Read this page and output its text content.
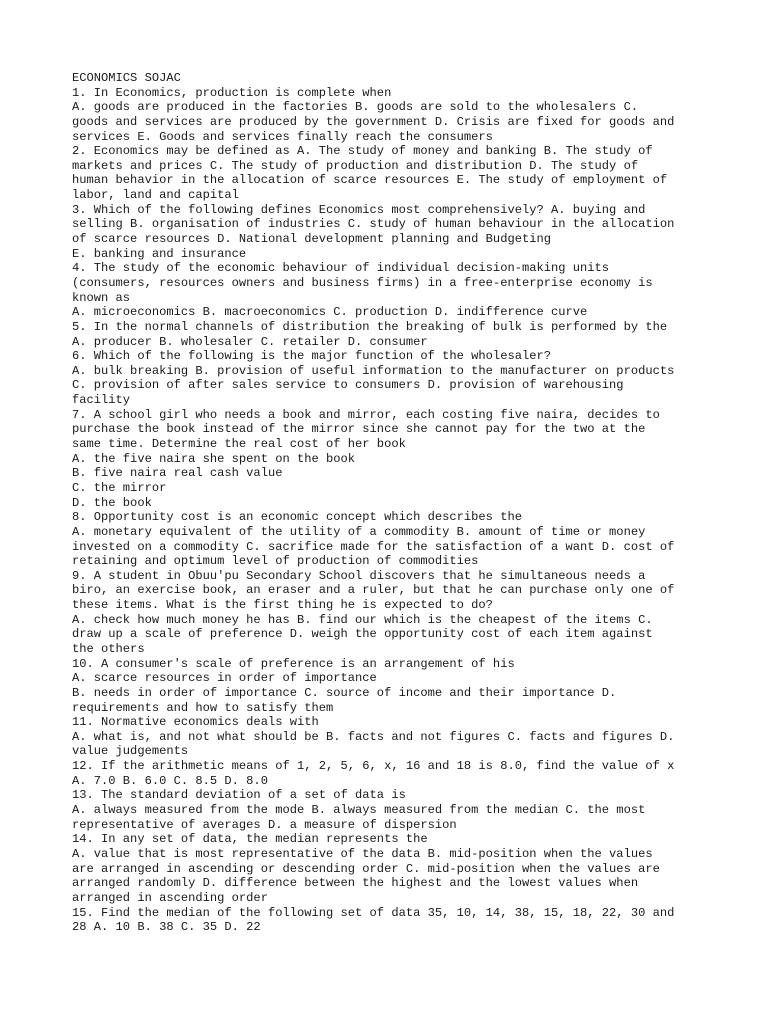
ECONOMICS SOJAC
1. In Economics, production is complete when
A. goods are produced in the factories B. goods are sold to the wholesalers C.
goods and services are produced by the government D. Crisis are fixed for goods and
services E. Goods and services finally reach the consumers
2. Economics may be defined as A. The study of money and banking B. The study of
markets and prices C. The study of production and distribution D. The study of
human behavior in the allocation of scarce resources E. The study of employment of
labor, land and capital
3. Which of the following defines Economics most comprehensively? A. buying and
selling B. organisation of industries C. study of human behaviour in the allocation
of scarce resources D. National development planning and Budgeting
E. banking and insurance
4. The study of the economic behaviour of individual decision-making units
(consumers, resources owners and business firms) in a free-enterprise economy is
known as
A. microeconomics B. macroeconomics C. production D. indifference curve
5. In the normal channels of distribution the breaking of bulk is performed by the
A. producer B. wholesaler C. retailer D. consumer
6. Which of the following is the major function of the wholesaler?
A. bulk breaking B. provision of useful information to the manufacturer on products
C. provision of after sales service to consumers D. provision of warehousing
facility
7. A school girl who needs a book and mirror, each costing five naira, decides to
purchase the book instead of the mirror since she cannot pay for the two at the
same time. Determine the real cost of her book
A. the five naira she spent on the book
B. five naira real cash value
C. the mirror
D. the book
8. Opportunity cost is an economic concept which describes the
A. monetary equivalent of the utility of a commodity B. amount of time or money
invested on a commodity C. sacrifice made for the satisfaction of a want D. cost of
retaining and optimum level of production of commodities
9. A student in Obuu'pu Secondary School discovers that he simultaneous needs a
biro, an exercise book, an eraser and a ruler, but that he can purchase only one of
these items. What is the first thing he is expected to do?
A. check how much money he has B. find our which is the cheapest of the items C.
draw up a scale of preference D. weigh the opportunity cost of each item against
the others
10. A consumer's scale of preference is an arrangement of his
A. scarce resources in order of importance
B. needs in order of importance C. source of income and their importance D.
requirements and how to satisfy them
11. Normative economics deals with
A. what is, and not what should be B. facts and not figures C. facts and figures D.
value judgements
12. If the arithmetic means of 1, 2, 5, 6, x, 16 and 18 is 8.0, find the value of x
A. 7.0 B. 6.0 C. 8.5 D. 8.0
13. The standard deviation of a set of data is
A. always measured from the mode B. always measured from the median C. the most
representative of averages D. a measure of dispersion
14. In any set of data, the median represents the
A. value that is most representative of the data B. mid-position when the values
are arranged in ascending or descending order C. mid-position when the values are
arranged randomly D. difference between the highest and the lowest values when
arranged in ascending order
15. Find the median of the following set of data 35, 10, 14, 38, 15, 18, 22, 30 and
28 A. 10 B. 38 C. 35 D. 22
